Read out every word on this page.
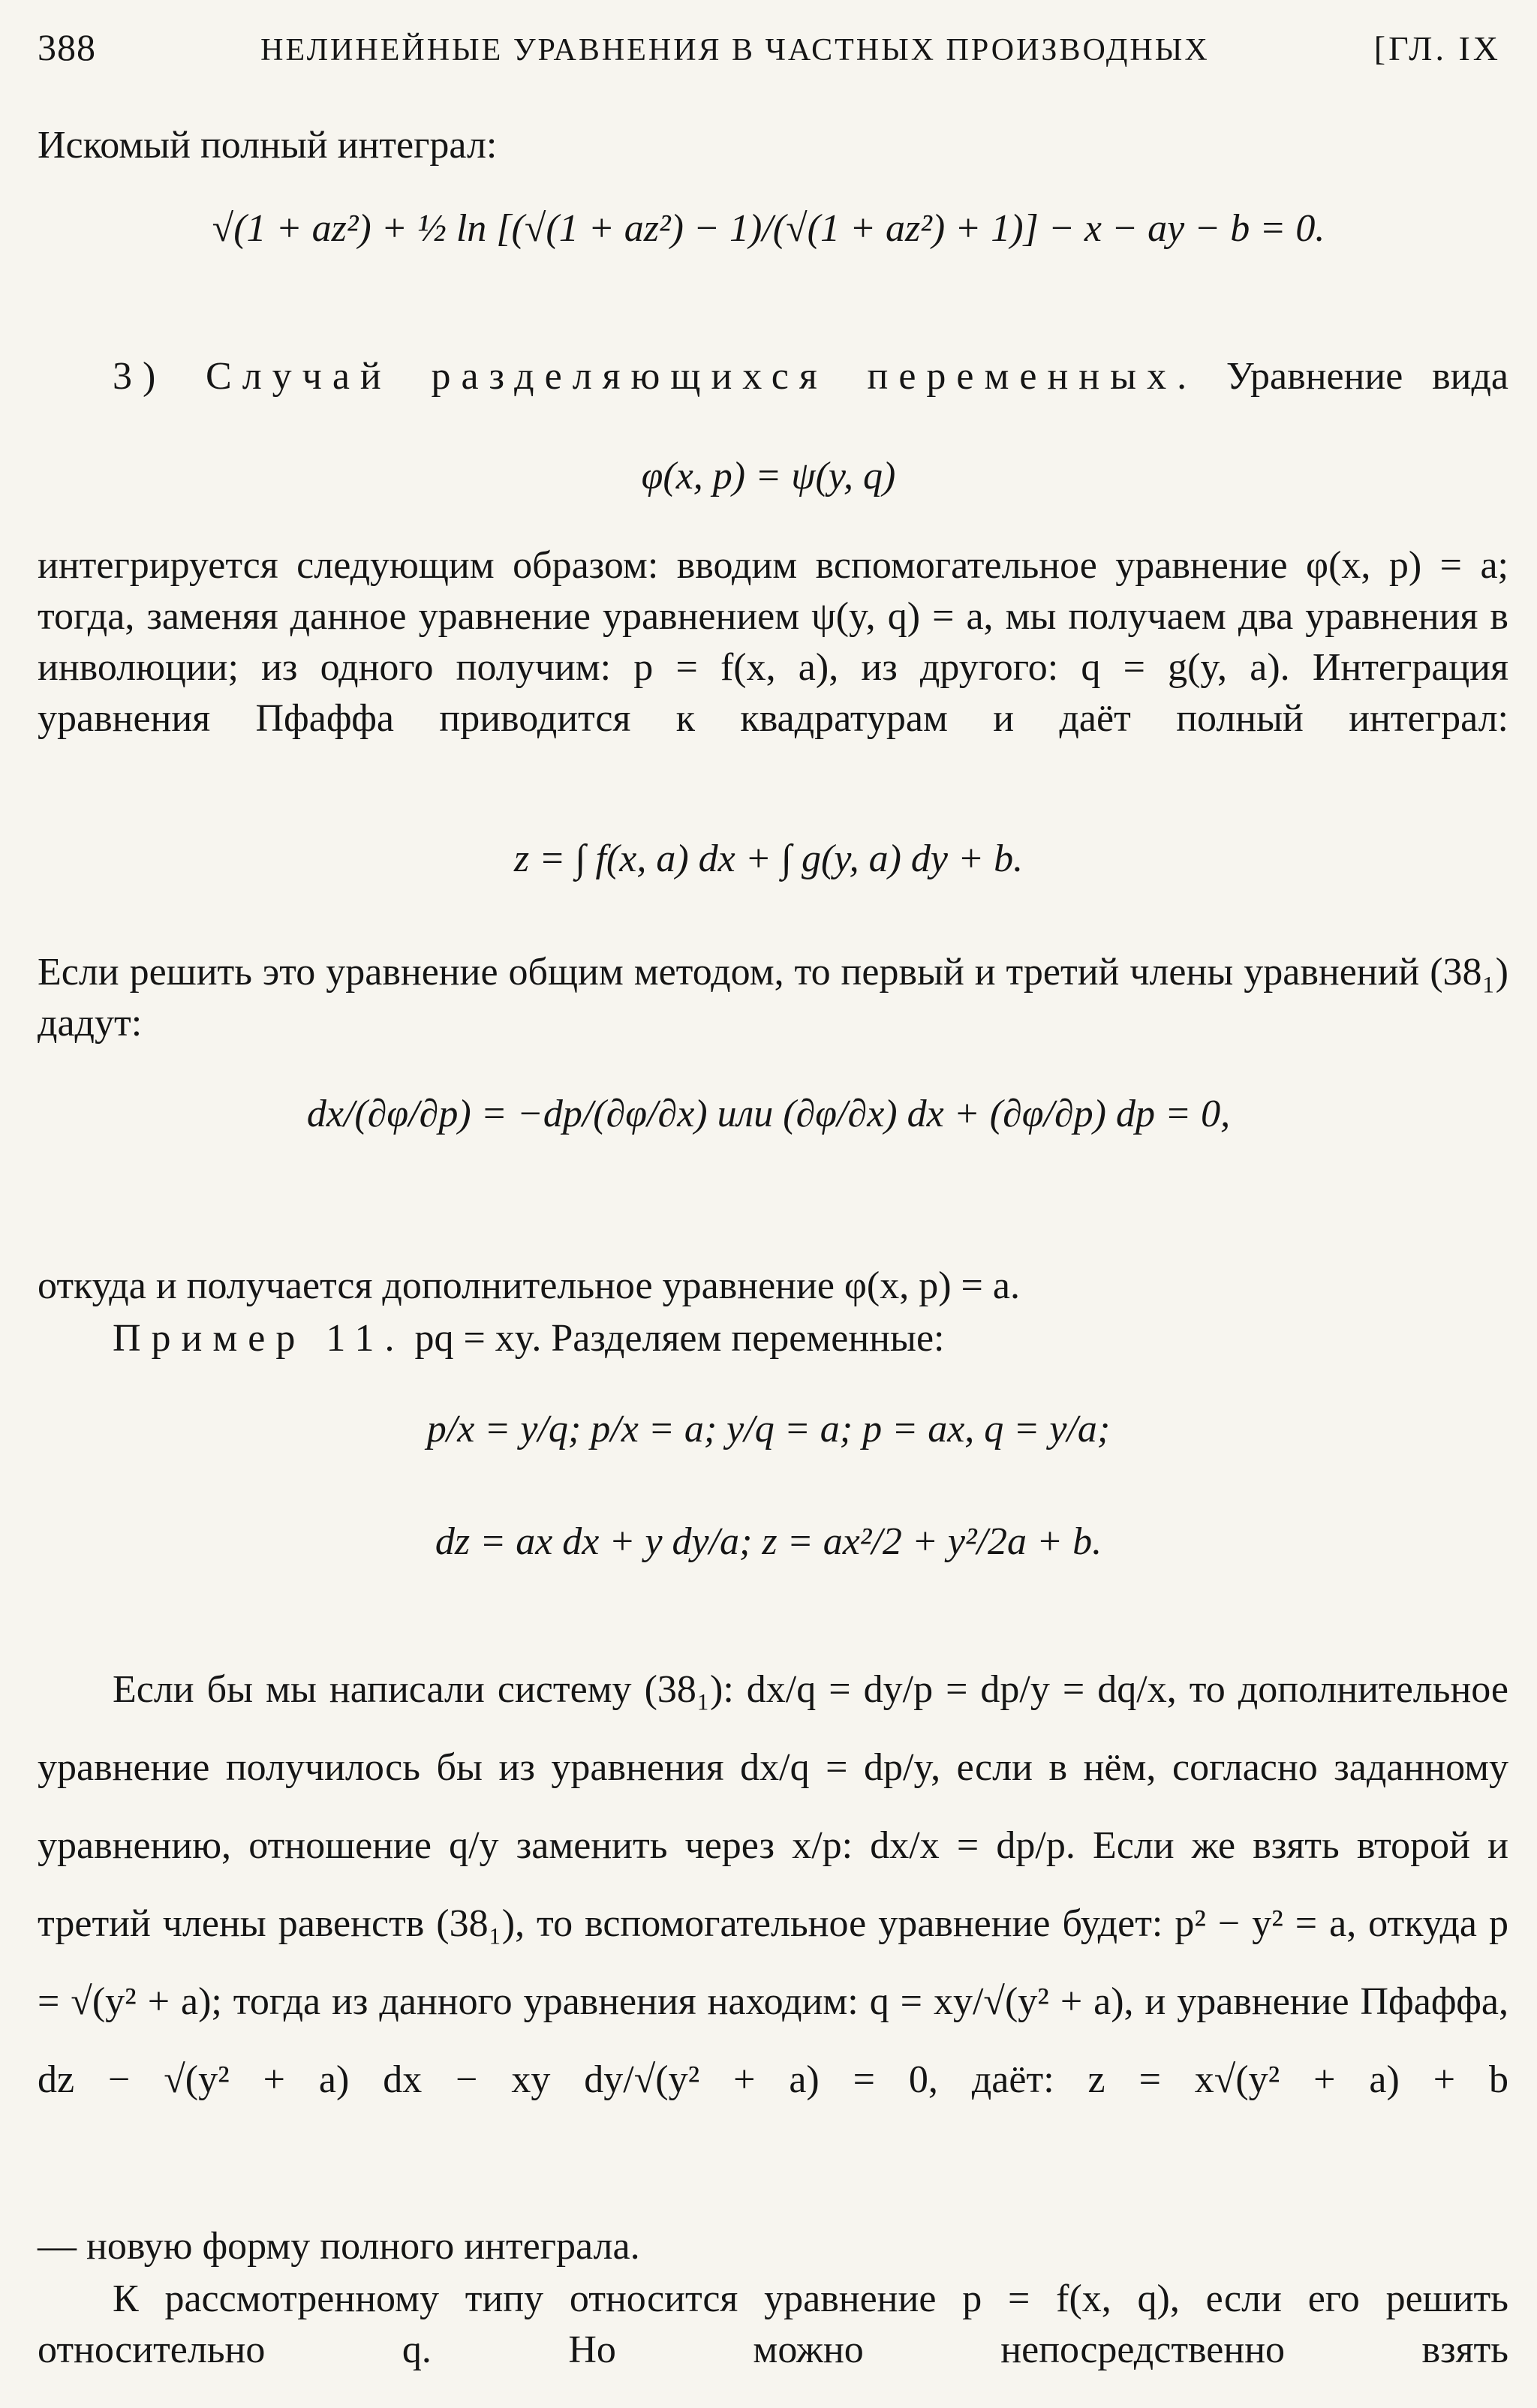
388	НЕЛИНЕЙНЫЕ УРАВНЕНИЯ В ЧАСТНЫХ ПРОИЗВОДНЫХ	[ГЛ. IX
Искомый полный интеграл:
√(1 + az²) + ½ ln [(√(1 + az²) − 1)/(√(1 + az²) + 1)] − x − ay − b = 0.
3) Случай разделяющихся переменных. Уравнение вида
φ(x, p) = ψ(y, q)
интегрируется следующим образом: вводим вспомогательное уравнение φ(x, p) = a; тогда, заменяя данное уравнение уравнением ψ(y, q) = a, мы получаем два уравнения в инволюции; из одного получим: p = f(x, a), из другого: q = g(y, a). Интеграция уравнения Пфаффа приводится к квадратурам и даёт полный интеграл:
z = ∫ f(x, a) dx + ∫ g(y, a) dy + b.
Если решить это уравнение общим методом, то первый и третий члены уравнений (38₁) дадут:
dx/(∂φ/∂p) = −dp/(∂φ/∂x) или (∂φ/∂x) dx + (∂φ/∂p) dp = 0,
откуда и получается дополнительное уравнение φ(x, p) = a.
Пример 11. pq = xy. Разделяем переменные:
p/x = y/q; p/x = a; y/q = a; p = ax, q = y/a;
dz = ax dx + y dy/a; z = ax²/2 + y²/2a + b.
Если бы мы написали систему (38₁): dx/q = dy/p = dp/y = dq/x, то дополнительное уравнение получилось бы из уравнения dx/q = dp/y, если в нём, согласно заданному уравнению, отношение q/y заменить через x/p: dx/x = dp/p. Если же взять второй и третий члены равенств (38₁), то вспомогательное уравнение будет: p² − y² = a, откуда p = √(y² + a); тогда из данного уравнения находим: q = xy/√(y² + a), и уравнение Пфаффа, dz − √(y² + a) dx − xy dy/√(y² + a) = 0, даёт: z = x√(y² + a) + b
— новую форму полного интеграла.
К рассмотренному типу относится уравнение p = f(x, q), если его решить относительно q. Но можно непосредственно взять
